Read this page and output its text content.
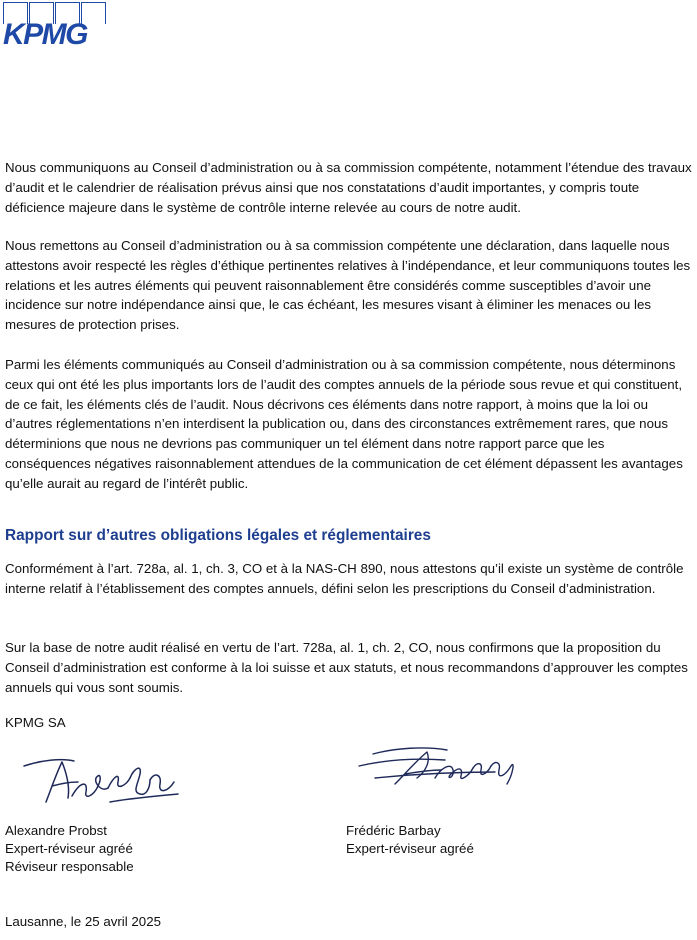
KPMG

Nous communiquons au Conseil d’administration ou à sa commission compétente, notamment l’étendue des travaux d’audit et le calendrier de réalisation prévus ainsi que nos constatations d’audit importantes, y compris toute déficience majeure dans le système de contrôle interne relevée au cours de notre audit.

Nous remettons au Conseil d’administration ou à sa commission compétente une déclaration, dans laquelle nous attestons avoir respecté les règles d’éthique pertinentes relatives à l’indépendance, et leur communiquons toutes les relations et les autres éléments qui peuvent raisonnablement être considérés comme susceptibles d’avoir une incidence sur notre indépendance ainsi que, le cas échéant, les mesures visant à éliminer les menaces ou les mesures de protection prises.

Parmi les éléments communiqués au Conseil d’administration ou à sa commission compétente, nous déterminons ceux qui ont été les plus importants lors de l’audit des comptes annuels de la période sous revue et qui constituent, de ce fait, les éléments clés de l’audit. Nous décrivons ces éléments dans notre rapport, à moins que la loi ou d’autres réglementations n’en interdisent la publication ou, dans des circonstances extrêmement rares, que nous déterminions que nous ne devrions pas communiquer un tel élément dans notre rapport parce que les conséquences négatives raisonnablement attendues de la communication de cet élément dépassent les avantages qu’elle aurait au regard de l’intérêt public.

Rapport sur d’autres obligations légales et réglementaires

Conformément à l’art. 728a, al. 1, ch. 3, CO et à la NAS-CH 890, nous attestons qu’il existe un système de contrôle interne relatif à l’établissement des comptes annuels, défini selon les prescriptions du Conseil d’administration.

Sur la base de notre audit réalisé en vertu de l’art. 728a, al. 1, ch. 2, CO, nous confirmons que la proposition du Conseil d’administration est conforme à la loi suisse et aux statuts, et nous recommandons d’approuver les comptes annuels qui vous sont soumis.

KPMG SA

Alexandre Probst

Expert-réviseur agréé

Réviseur responsable

Frédéric Barbay

Expert-réviseur agréé

Lausanne, le 25 avril 2025
